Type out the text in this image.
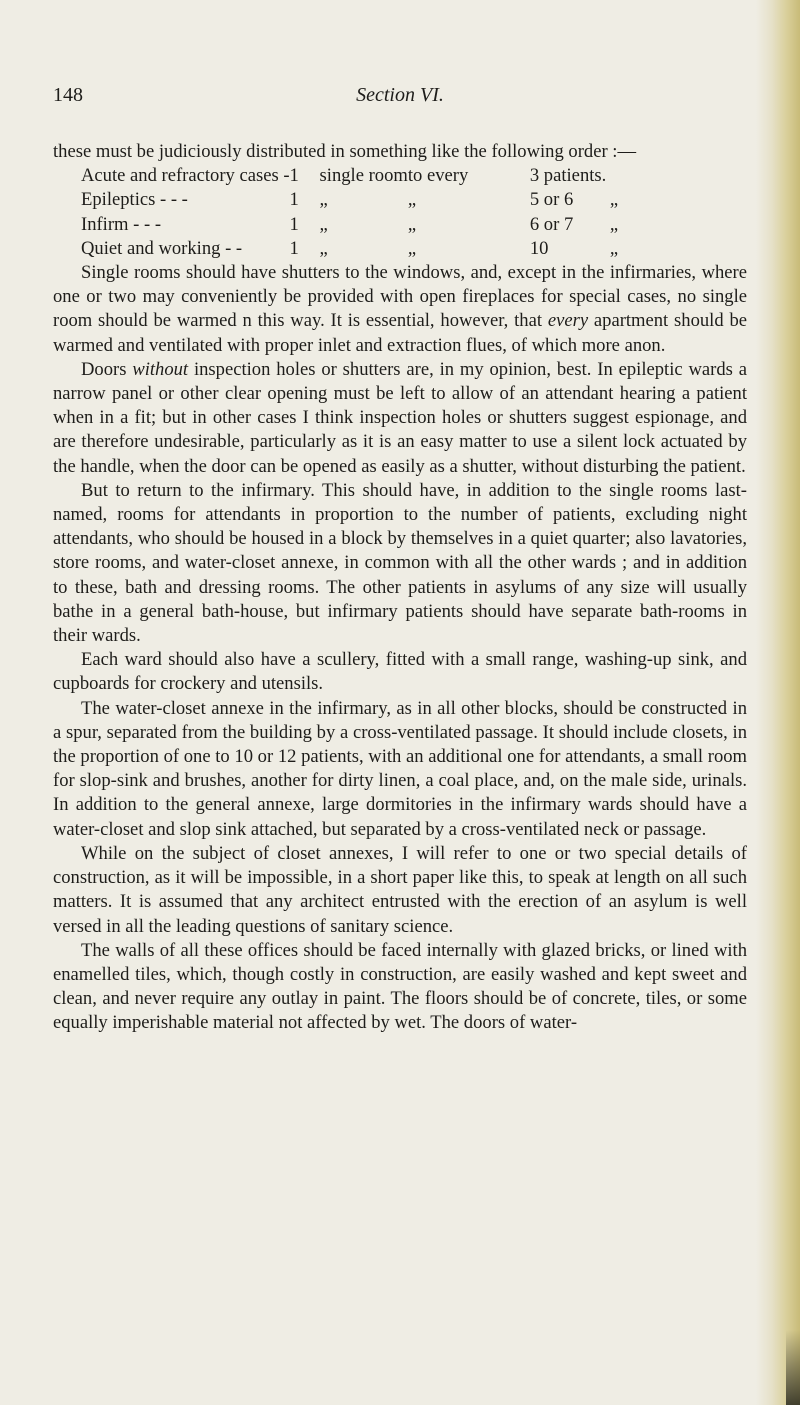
148	Section VI.

these must be judiciously distributed in something like the following order :—

Acute and refractory cases -	1	single room	to every	3 patients.	
Epileptics - - -	1	„	„	5 or 6	„
Infirm - - -	1	„	„	6 or 7	„
Quiet and working - -	1	„	„	10	„

Single rooms should have shutters to the windows, and, except in the infirmaries, where one or two may conveniently be provided with open fireplaces for special cases, no single room should be warmed n this way. It is essential, however, that every apartment should be warmed and ventilated with proper inlet and extraction flues, of which more anon.

Doors without inspection holes or shutters are, in my opinion, best. In epileptic wards a narrow panel or other clear opening must be left to allow of an attendant hearing a patient when in a fit; but in other cases I think inspection holes or shutters suggest espionage, and are therefore undesirable, particularly as it is an easy matter to use a silent lock actuated by the handle, when the door can be opened as easily as a shutter, without disturbing the patient.

But to return to the infirmary. This should have, in addition to the single rooms last-named, rooms for attendants in proportion to the number of patients, excluding night attendants, who should be housed in a block by themselves in a quiet quarter; also lavatories, store rooms, and water-closet annexe, in common with all the other wards ; and in addition to these, bath and dressing rooms. The other patients in asylums of any size will usually bathe in a general bath-house, but infirmary patients should have separate bath-rooms in their wards.

Each ward should also have a scullery, fitted with a small range, washing-up sink, and cupboards for crockery and utensils.

The water-closet annexe in the infirmary, as in all other blocks, should be constructed in a spur, separated from the building by a cross-ventilated passage. It should include closets, in the proportion of one to 10 or 12 patients, with an additional one for attendants, a small room for slop-sink and brushes, another for dirty linen, a coal place, and, on the male side, urinals. In addition to the general annexe, large dormitories in the infirmary wards should have a water-closet and slop sink attached, but separated by a cross-ventilated neck or passage.

While on the subject of closet annexes, I will refer to one or two special details of construction, as it will be impossible, in a short paper like this, to speak at length on all such matters. It is assumed that any architect entrusted with the erection of an asylum is well versed in all the leading questions of sanitary science.

The walls of all these offices should be faced internally with glazed bricks, or lined with enamelled tiles, which, though costly in construction, are easily washed and kept sweet and clean, and never require any outlay in paint. The floors should be of concrete, tiles, or some equally imperishable material not affected by wet. The doors of water-
